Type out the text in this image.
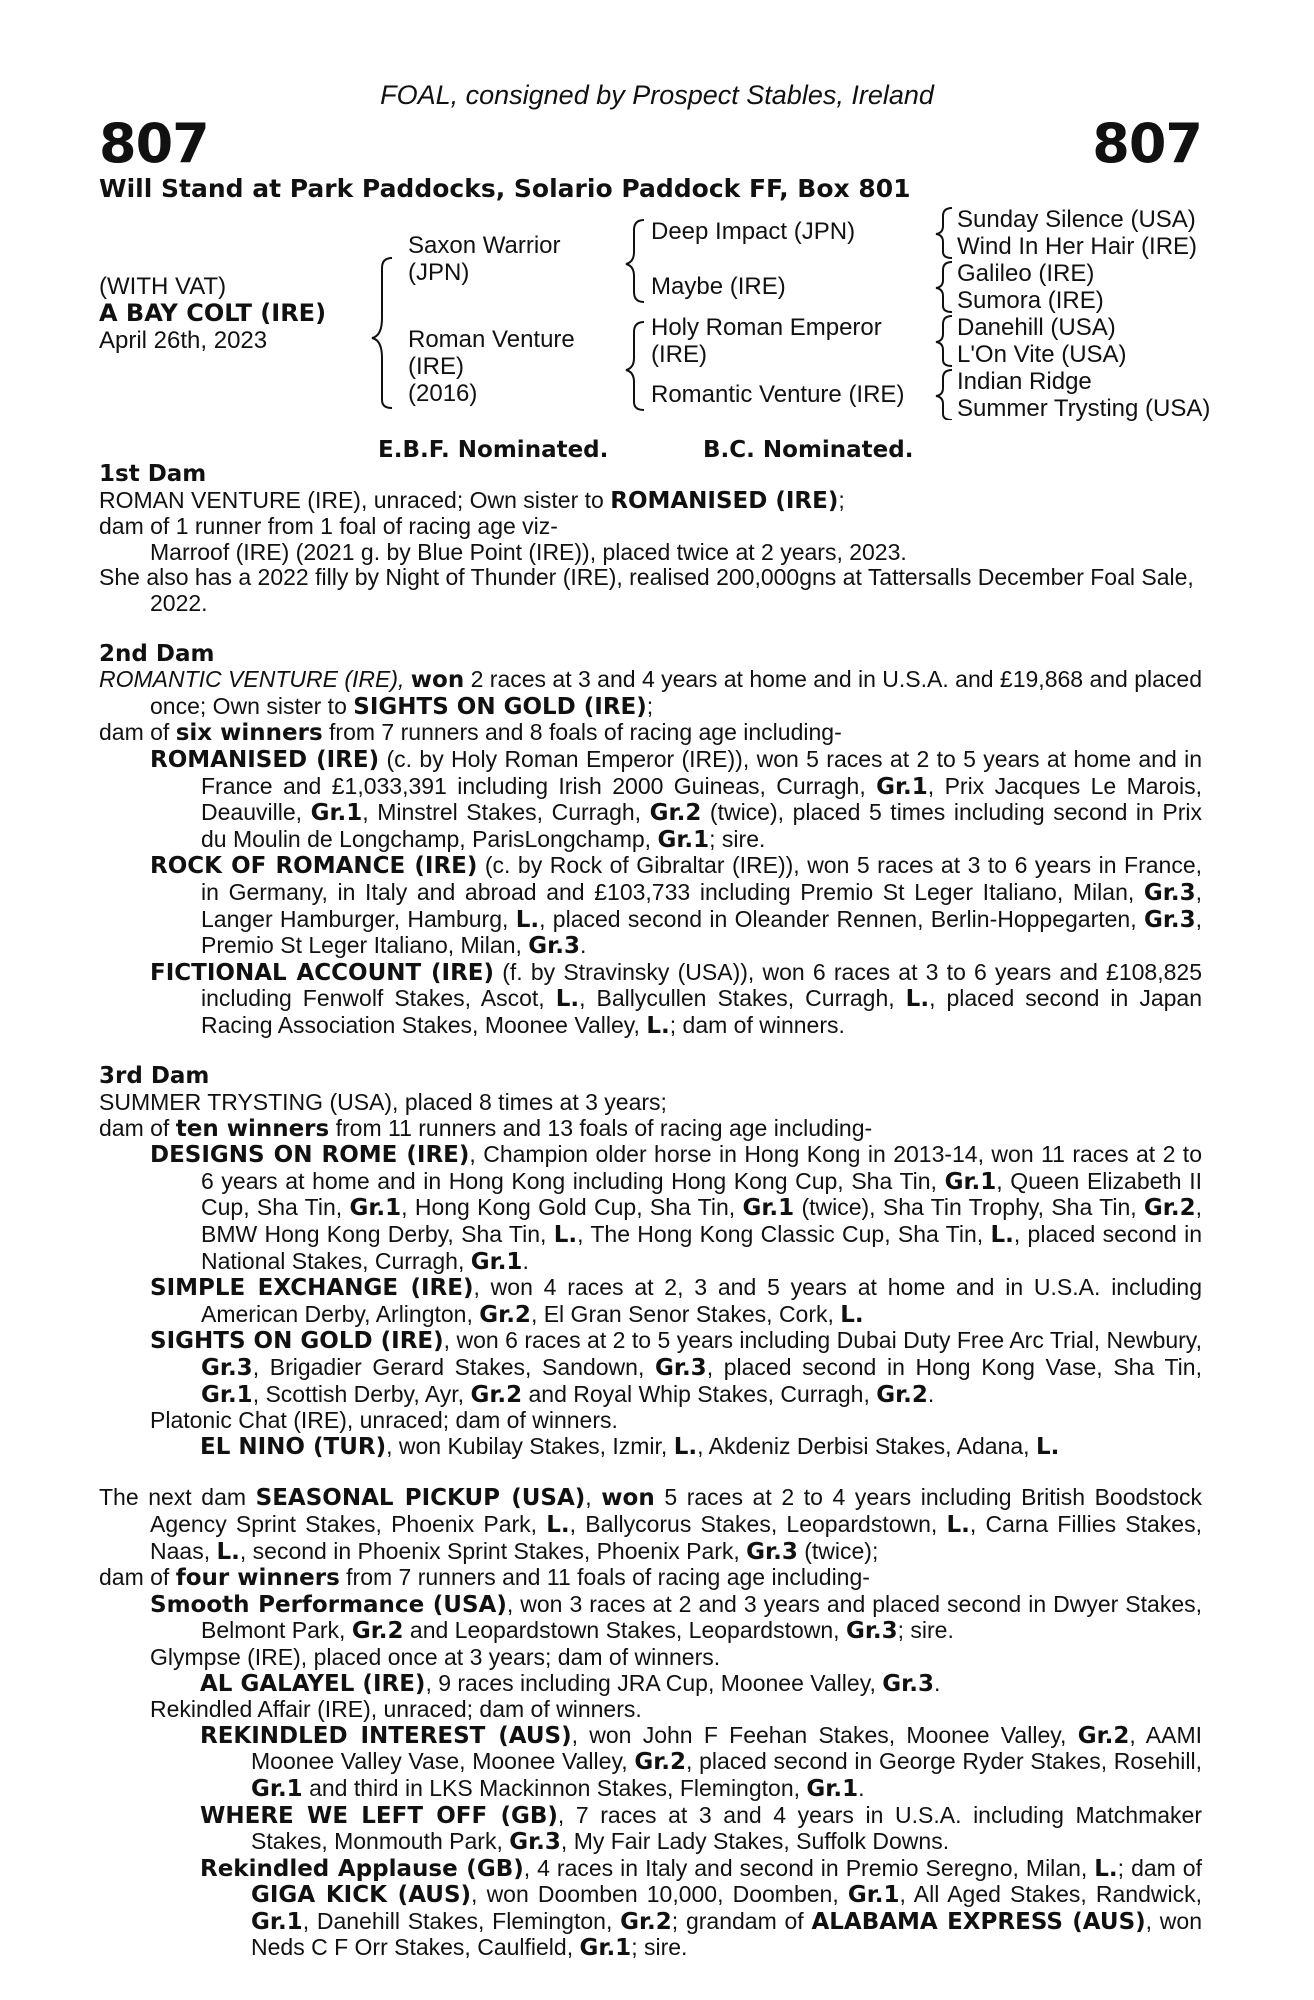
FOAL, consigned by Prospect Stables, Ireland
807	807
Will Stand at Park Paddocks, Solario Paddock FF, Box 801
(WITH VAT)
A BAY COLT (IRE)
April 26th, 2023
Saxon Warrior
(JPN)
Roman Venture
(IRE)
(2016)
Deep Impact (JPN)
Maybe (IRE)
Holy Roman Emperor
(IRE)
Romantic Venture (IRE)
Sunday Silence (USA)
Wind In Her Hair (IRE)
Galileo (IRE)
Sumora (IRE)
Danehill (USA)
L'On Vite (USA)
Indian Ridge
Summer Trysting (USA)
E.B.F. Nominated.	B.C. Nominated.
1st Dam

ROMAN VENTURE (IRE), unraced; Own sister to ROMANISED (IRE);

dam of 1 runner from 1 foal of racing age viz-

Marroof (IRE) (2021 g. by Blue Point (IRE)), placed twice at 2 years, 2023.

She also has a 2022 filly by Night of Thunder (IRE), realised 200,000gns at Tattersalls December Foal Sale, 2022.

2nd Dam

ROMANTIC VENTURE (IRE), won 2 races at 3 and 4 years at home and in U.S.A. and £19,868 and placed once; Own sister to SIGHTS ON GOLD (IRE);

dam of six winners from 7 runners and 8 foals of racing age including-

ROMANISED (IRE) (c. by Holy Roman Emperor (IRE)), won 5 races at 2 to 5 years at home and in France and £1,033,391 including Irish 2000 Guineas, Curragh, Gr.1, Prix Jacques Le Marois, Deauville, Gr.1, Minstrel Stakes, Curragh, Gr.2 (twice), placed 5 times including second in Prix du Moulin de Longchamp, ParisLongchamp, Gr.1; sire.

ROCK OF ROMANCE (IRE) (c. by Rock of Gibraltar (IRE)), won 5 races at 3 to 6 years in France, in Germany, in Italy and abroad and £103,733 including Premio St Leger Italiano, Milan, Gr.3, Langer Hamburger, Hamburg, L., placed second in Oleander Rennen, Berlin-Hoppegarten, Gr.3, Premio St Leger Italiano, Milan, Gr.3.

FICTIONAL ACCOUNT (IRE) (f. by Stravinsky (USA)), won 6 races at 3 to 6 years and £108,825 including Fenwolf Stakes, Ascot, L., Ballycullen Stakes, Curragh, L., placed second in Japan Racing Association Stakes, Moonee Valley, L.; dam of winners.

3rd Dam

SUMMER TRYSTING (USA), placed 8 times at 3 years;

dam of ten winners from 11 runners and 13 foals of racing age including-

DESIGNS ON ROME (IRE), Champion older horse in Hong Kong in 2013-14, won 11 races at 2 to 6 years at home and in Hong Kong including Hong Kong Cup, Sha Tin, Gr.1, Queen Elizabeth II Cup, Sha Tin, Gr.1, Hong Kong Gold Cup, Sha Tin, Gr.1 (twice), Sha Tin Trophy, Sha Tin, Gr.2, BMW Hong Kong Derby, Sha Tin, L., The Hong Kong Classic Cup, Sha Tin, L., placed second in National Stakes, Curragh, Gr.1.

SIMPLE EXCHANGE (IRE), won 4 races at 2, 3 and 5 years at home and in U.S.A. including American Derby, Arlington, Gr.2, El Gran Senor Stakes, Cork, L.

SIGHTS ON GOLD (IRE), won 6 races at 2 to 5 years including Dubai Duty Free Arc Trial, Newbury, Gr.3, Brigadier Gerard Stakes, Sandown, Gr.3, placed second in Hong Kong Vase, Sha Tin, Gr.1, Scottish Derby, Ayr, Gr.2 and Royal Whip Stakes, Curragh, Gr.2.

Platonic Chat (IRE), unraced; dam of winners.

EL NINO (TUR), won Kubilay Stakes, Izmir, L., Akdeniz Derbisi Stakes, Adana, L.

The next dam SEASONAL PICKUP (USA), won 5 races at 2 to 4 years including British Boodstock Agency Sprint Stakes, Phoenix Park, L., Ballycorus Stakes, Leopardstown, L., Carna Fillies Stakes, Naas, L., second in Phoenix Sprint Stakes, Phoenix Park, Gr.3 (twice);

dam of four winners from 7 runners and 11 foals of racing age including-

Smooth Performance (USA), won 3 races at 2 and 3 years and placed second in Dwyer Stakes, Belmont Park, Gr.2 and Leopardstown Stakes, Leopardstown, Gr.3; sire.

Glympse (IRE), placed once at 3 years; dam of winners.

AL GALAYEL (IRE), 9 races including JRA Cup, Moonee Valley, Gr.3.

Rekindled Affair (IRE), unraced; dam of winners.

REKINDLED INTEREST (AUS), won John F Feehan Stakes, Moonee Valley, Gr.2, AAMI Moonee Valley Vase, Moonee Valley, Gr.2, placed second in George Ryder Stakes, Rosehill, Gr.1 and third in LKS Mackinnon Stakes, Flemington, Gr.1.

WHERE WE LEFT OFF (GB), 7 races at 3 and 4 years in U.S.A. including Matchmaker Stakes, Monmouth Park, Gr.3, My Fair Lady Stakes, Suffolk Downs.

Rekindled Applause (GB), 4 races in Italy and second in Premio Seregno, Milan, L.; dam of GIGA KICK (AUS), won Doomben 10,000, Doomben, Gr.1, All Aged Stakes, Randwick, Gr.1, Danehill Stakes, Flemington, Gr.2; grandam of ALABAMA EXPRESS (AUS), won Neds C F Orr Stakes, Caulfield, Gr.1; sire.
